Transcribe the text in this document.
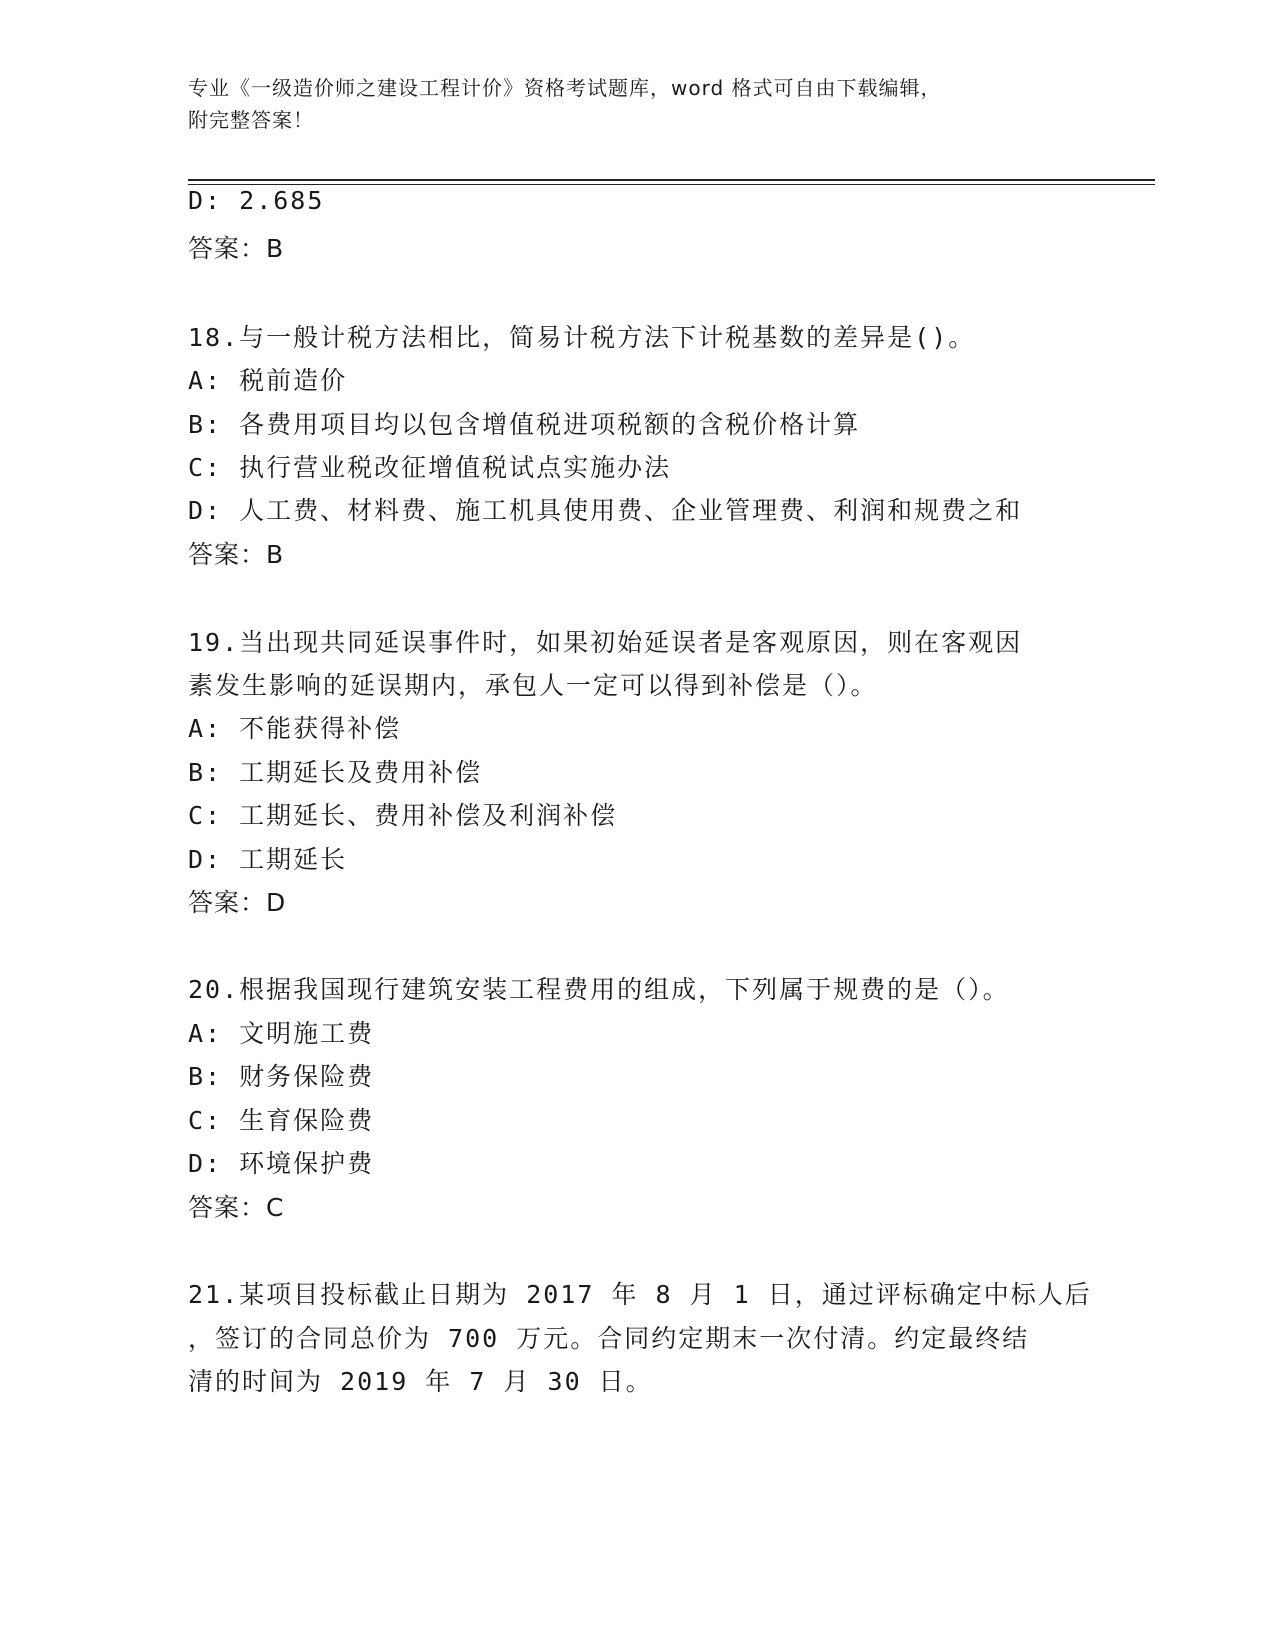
专业《一级造价师之建设工程计价》资格考试题库，word 格式可自由下载编辑，
附完整答案！
D: 2.685
答案：B
18.与一般计税方法相比，简易计税方法下计税基数的差异是()。
A: 税前造价
B: 各费用项目均以包含增值税进项税额的含税价格计算
C: 执行营业税改征增值税试点实施办法
D: 人工费、材料费、施工机具使用费、企业管理费、利润和规费之和
答案：B
19.当出现共同延误事件时，如果初始延误者是客观原因，则在客观因
素发生影响的延误期内，承包人一定可以得到补偿是（）。
A: 不能获得补偿
B: 工期延长及费用补偿
C: 工期延长、费用补偿及利润补偿
D: 工期延长
答案：D
20.根据我国现行建筑安装工程费用的组成，下列属于规费的是（）。
A: 文明施工费
B: 财务保险费
C: 生育保险费
D: 环境保护费
答案：C
21.某项目投标截止日期为 2017 年 8 月 1 日，通过评标确定中标人后
，签订的合同总价为 700 万元。合同约定期末一次付清。约定最终结
清的时间为 2019 年 7 月 30 日。
